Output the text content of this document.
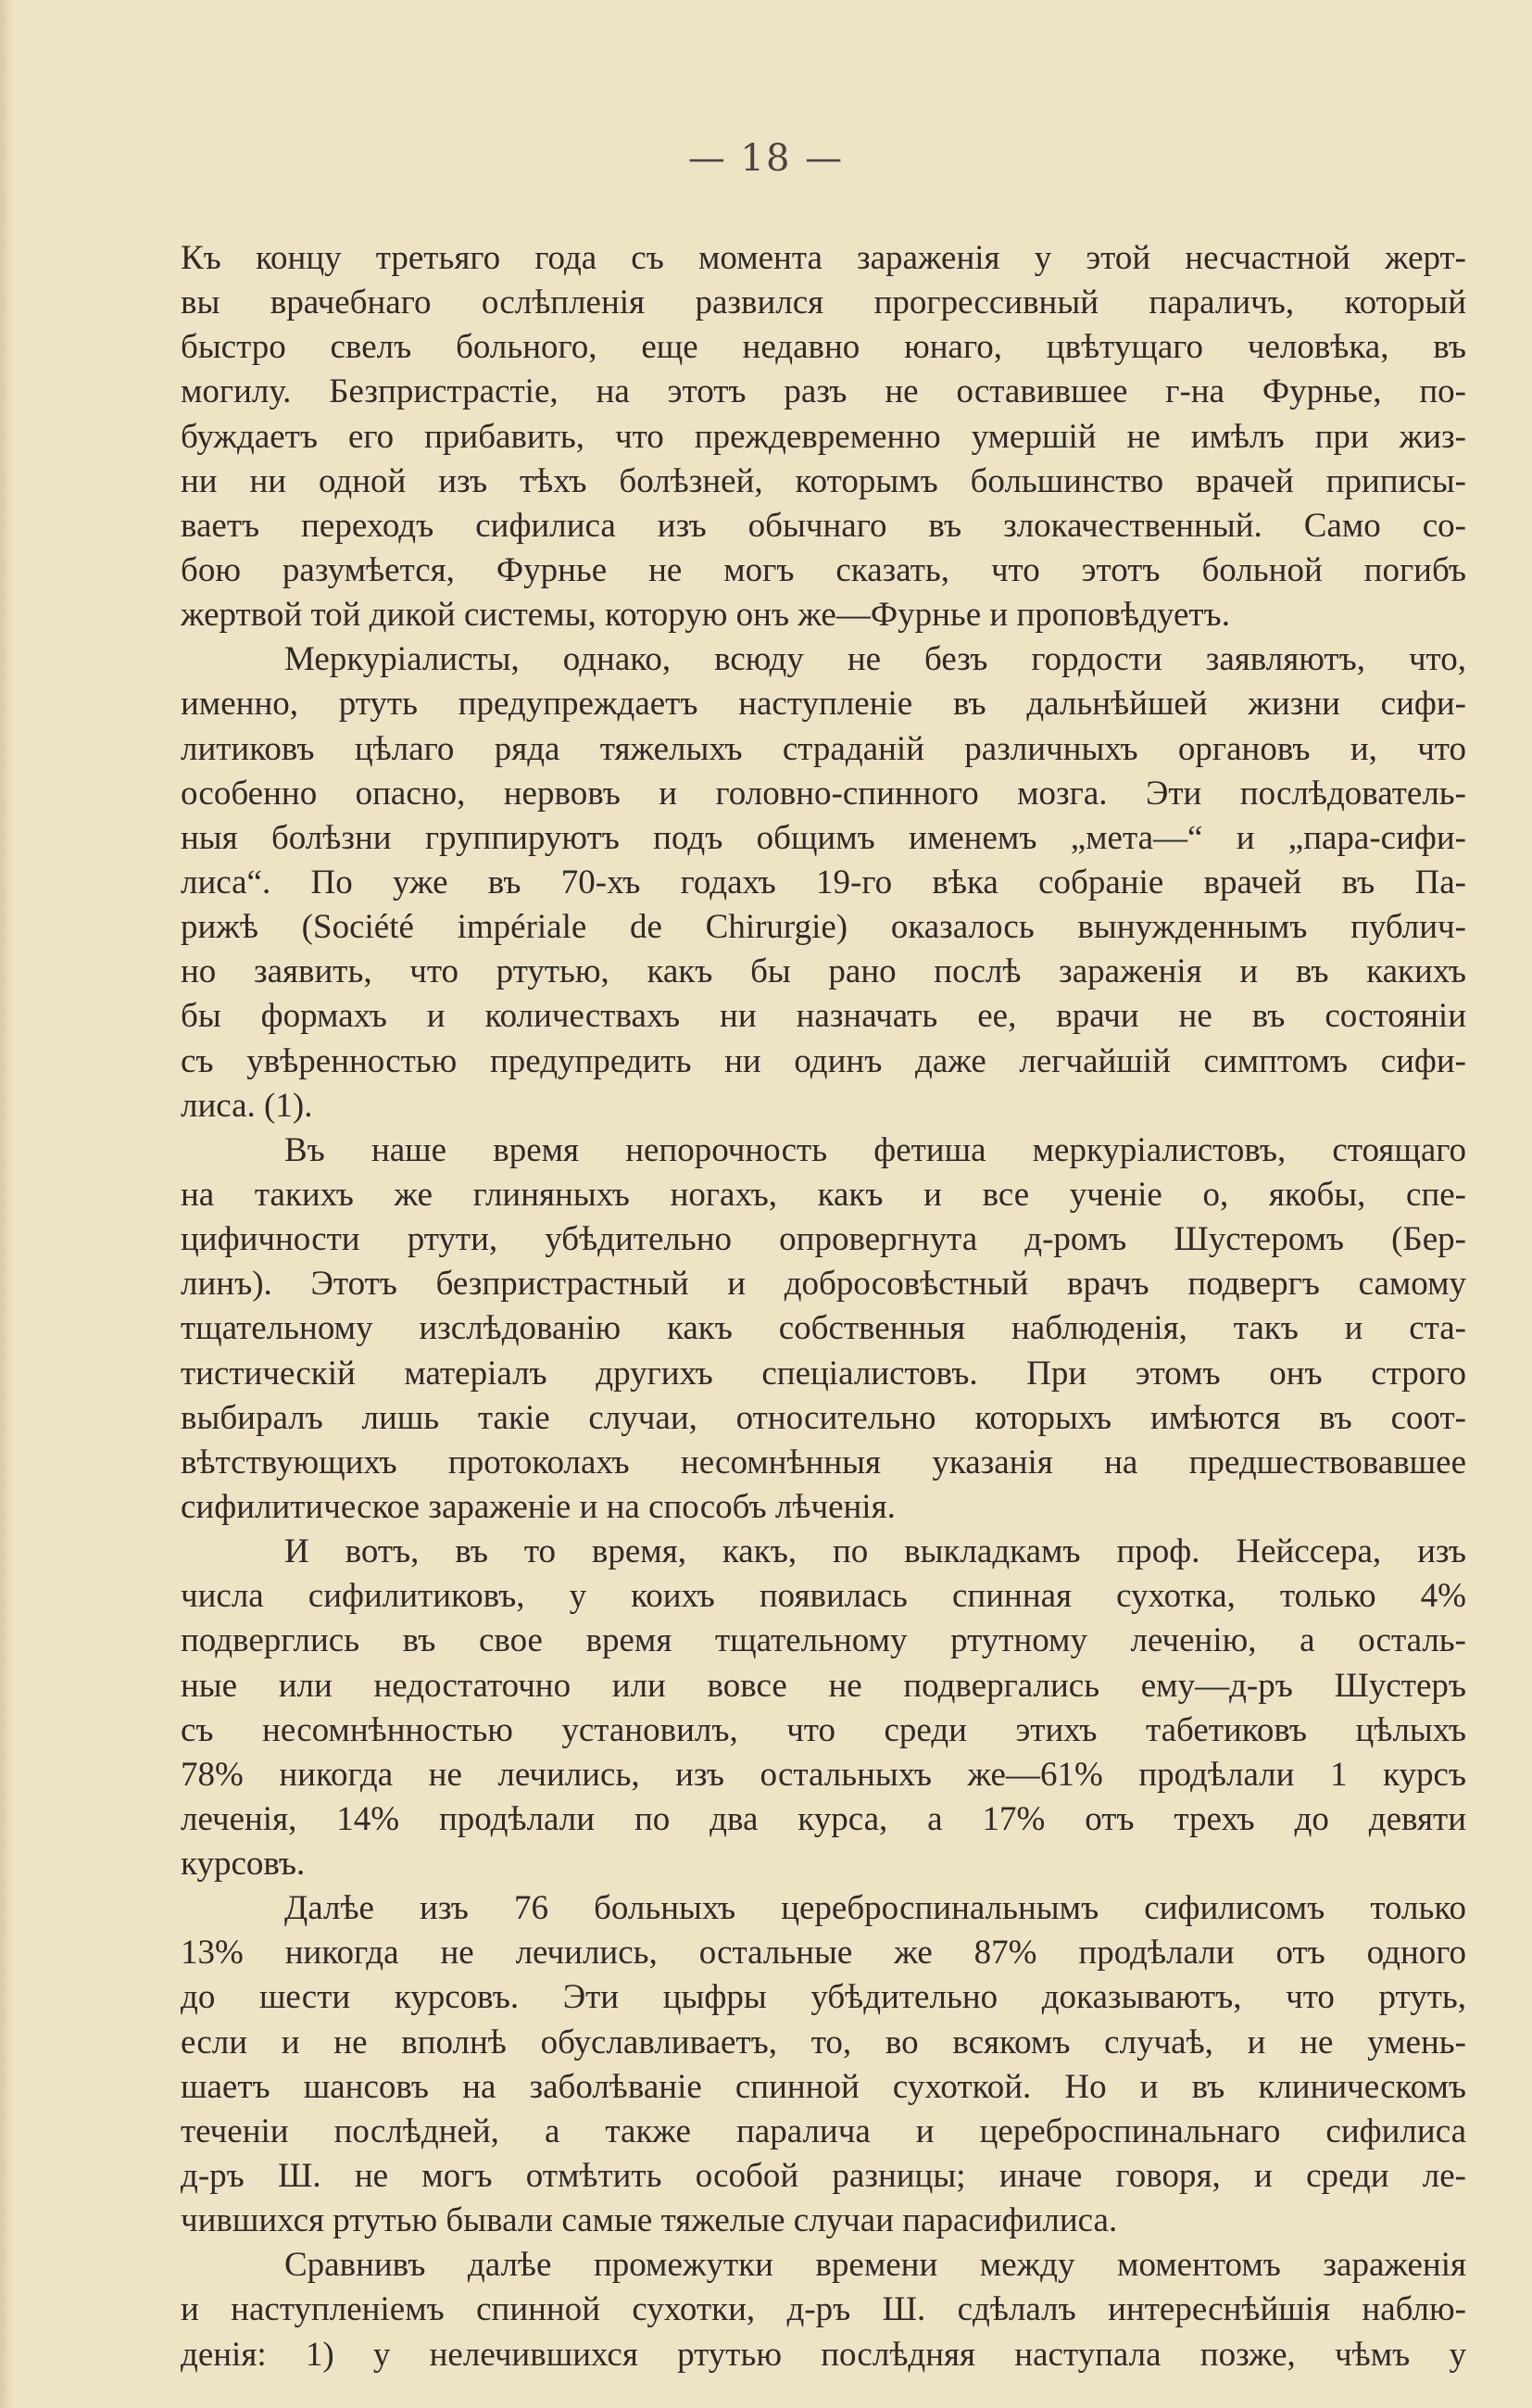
— 18 —
Къ концу третьяго года съ момента зараженія у этой несчастной жерт-
вы врачебнаго ослѣпленія развился прогрессивный параличъ, который
быстро свелъ больного, еще недавно юнаго, цвѣтущаго человѣка, въ
могилу. Безпристрастіе, на этотъ разъ не оставившее г-на Фурнье, по-
буждаетъ его прибавить, что преждевременно умершій не имѣлъ при жиз-
ни ни одной изъ тѣхъ болѣзней, которымъ большинство врачей приписы-
ваетъ переходъ сифилиса изъ обычнаго въ злокачественный. Само со-
бою разумѣется, Фурнье не могъ сказать, что этотъ больной погибъ
жертвой той дикой системы, которую онъ же—Фурнье и проповѣдуетъ.
Меркуріалисты, однако, всюду не безъ гордости заявляютъ, что,
именно, ртуть предупреждаетъ наступленіе въ дальнѣйшей жизни сифи-
литиковъ цѣлаго ряда тяжелыхъ страданій различныхъ органовъ и, что
особенно опасно, нервовъ и головно-спинного мозга. Эти послѣдователь-
ныя болѣзни группируютъ подъ общимъ именемъ „мета—“ и „пара-сифи-
лиса“. По уже въ 70-хъ годахъ 19-го вѣка собраніе врачей въ Па-
рижѣ (Société impériale de Chirurgie) оказалось вынужденнымъ публич-
но заявить, что ртутью, какъ бы рано послѣ зараженія и въ какихъ
бы формахъ и количествахъ ни назначать ее, врачи не въ состояніи
съ увѣренностью предупредить ни одинъ даже легчайшій симптомъ сифи-
лиса. (1).
Въ наше время непорочность фетиша меркуріалистовъ, стоящаго
на такихъ же глиняныхъ ногахъ, какъ и все ученіе о, якобы, спе-
цифичности ртути, убѣдительно опровергнута д-ромъ Шустеромъ (Бер-
линъ). Этотъ безпристрастный и добросовѣстный врачъ подвергъ самому
тщательному изслѣдованію какъ собственныя наблюденія, такъ и ста-
тистическій матеріалъ другихъ спеціалистовъ. При этомъ онъ строго
выбиралъ лишь такіе случаи, относительно которыхъ имѣются въ соот-
вѣтствующихъ протоколахъ несомнѣнныя указанія на предшествовавшее
сифилитическое зараженіе и на способъ лѣченія.
И вотъ, въ то время, какъ, по выкладкамъ проф. Нейссера, изъ
числа сифилитиковъ, у коихъ появилась спинная сухотка, только 4%
подверглись въ свое время тщательному ртутному леченію, а осталь-
ные или недостаточно или вовсе не подвергались ему—д-ръ Шустеръ
съ несомнѣнностью установилъ, что среди этихъ табетиковъ цѣлыхъ
78% никогда не лечились, изъ остальныхъ же—61% продѣлали 1 курсъ
леченія, 14% продѣлали по два курса, а 17% отъ трехъ до девяти
курсовъ.
Далѣе изъ 76 больныхъ цереброспинальнымъ сифилисомъ только
13% никогда не лечились, остальные же 87% продѣлали отъ одного
до шести курсовъ. Эти цыфры убѣдительно доказываютъ, что ртуть,
если и не вполнѣ обуславливаетъ, то, во всякомъ случаѣ, и не умень-
шаетъ шансовъ на заболѣваніе спинной сухоткой. Но и въ клиническомъ
теченіи послѣдней, а также паралича и цереброспинальнаго сифилиса
д-ръ Ш. не могъ отмѣтить особой разницы; иначе говоря, и среди ле-
чившихся ртутью бывали самые тяжелые случаи парасифилиса.
Сравнивъ далѣе промежутки времени между моментомъ зараженія
и наступленіемъ спинной сухотки, д-ръ Ш. сдѣлалъ интереснѣйшія наблю-
денія: 1) у нелечившихся ртутью послѣдняя наступала позже, чѣмъ у
